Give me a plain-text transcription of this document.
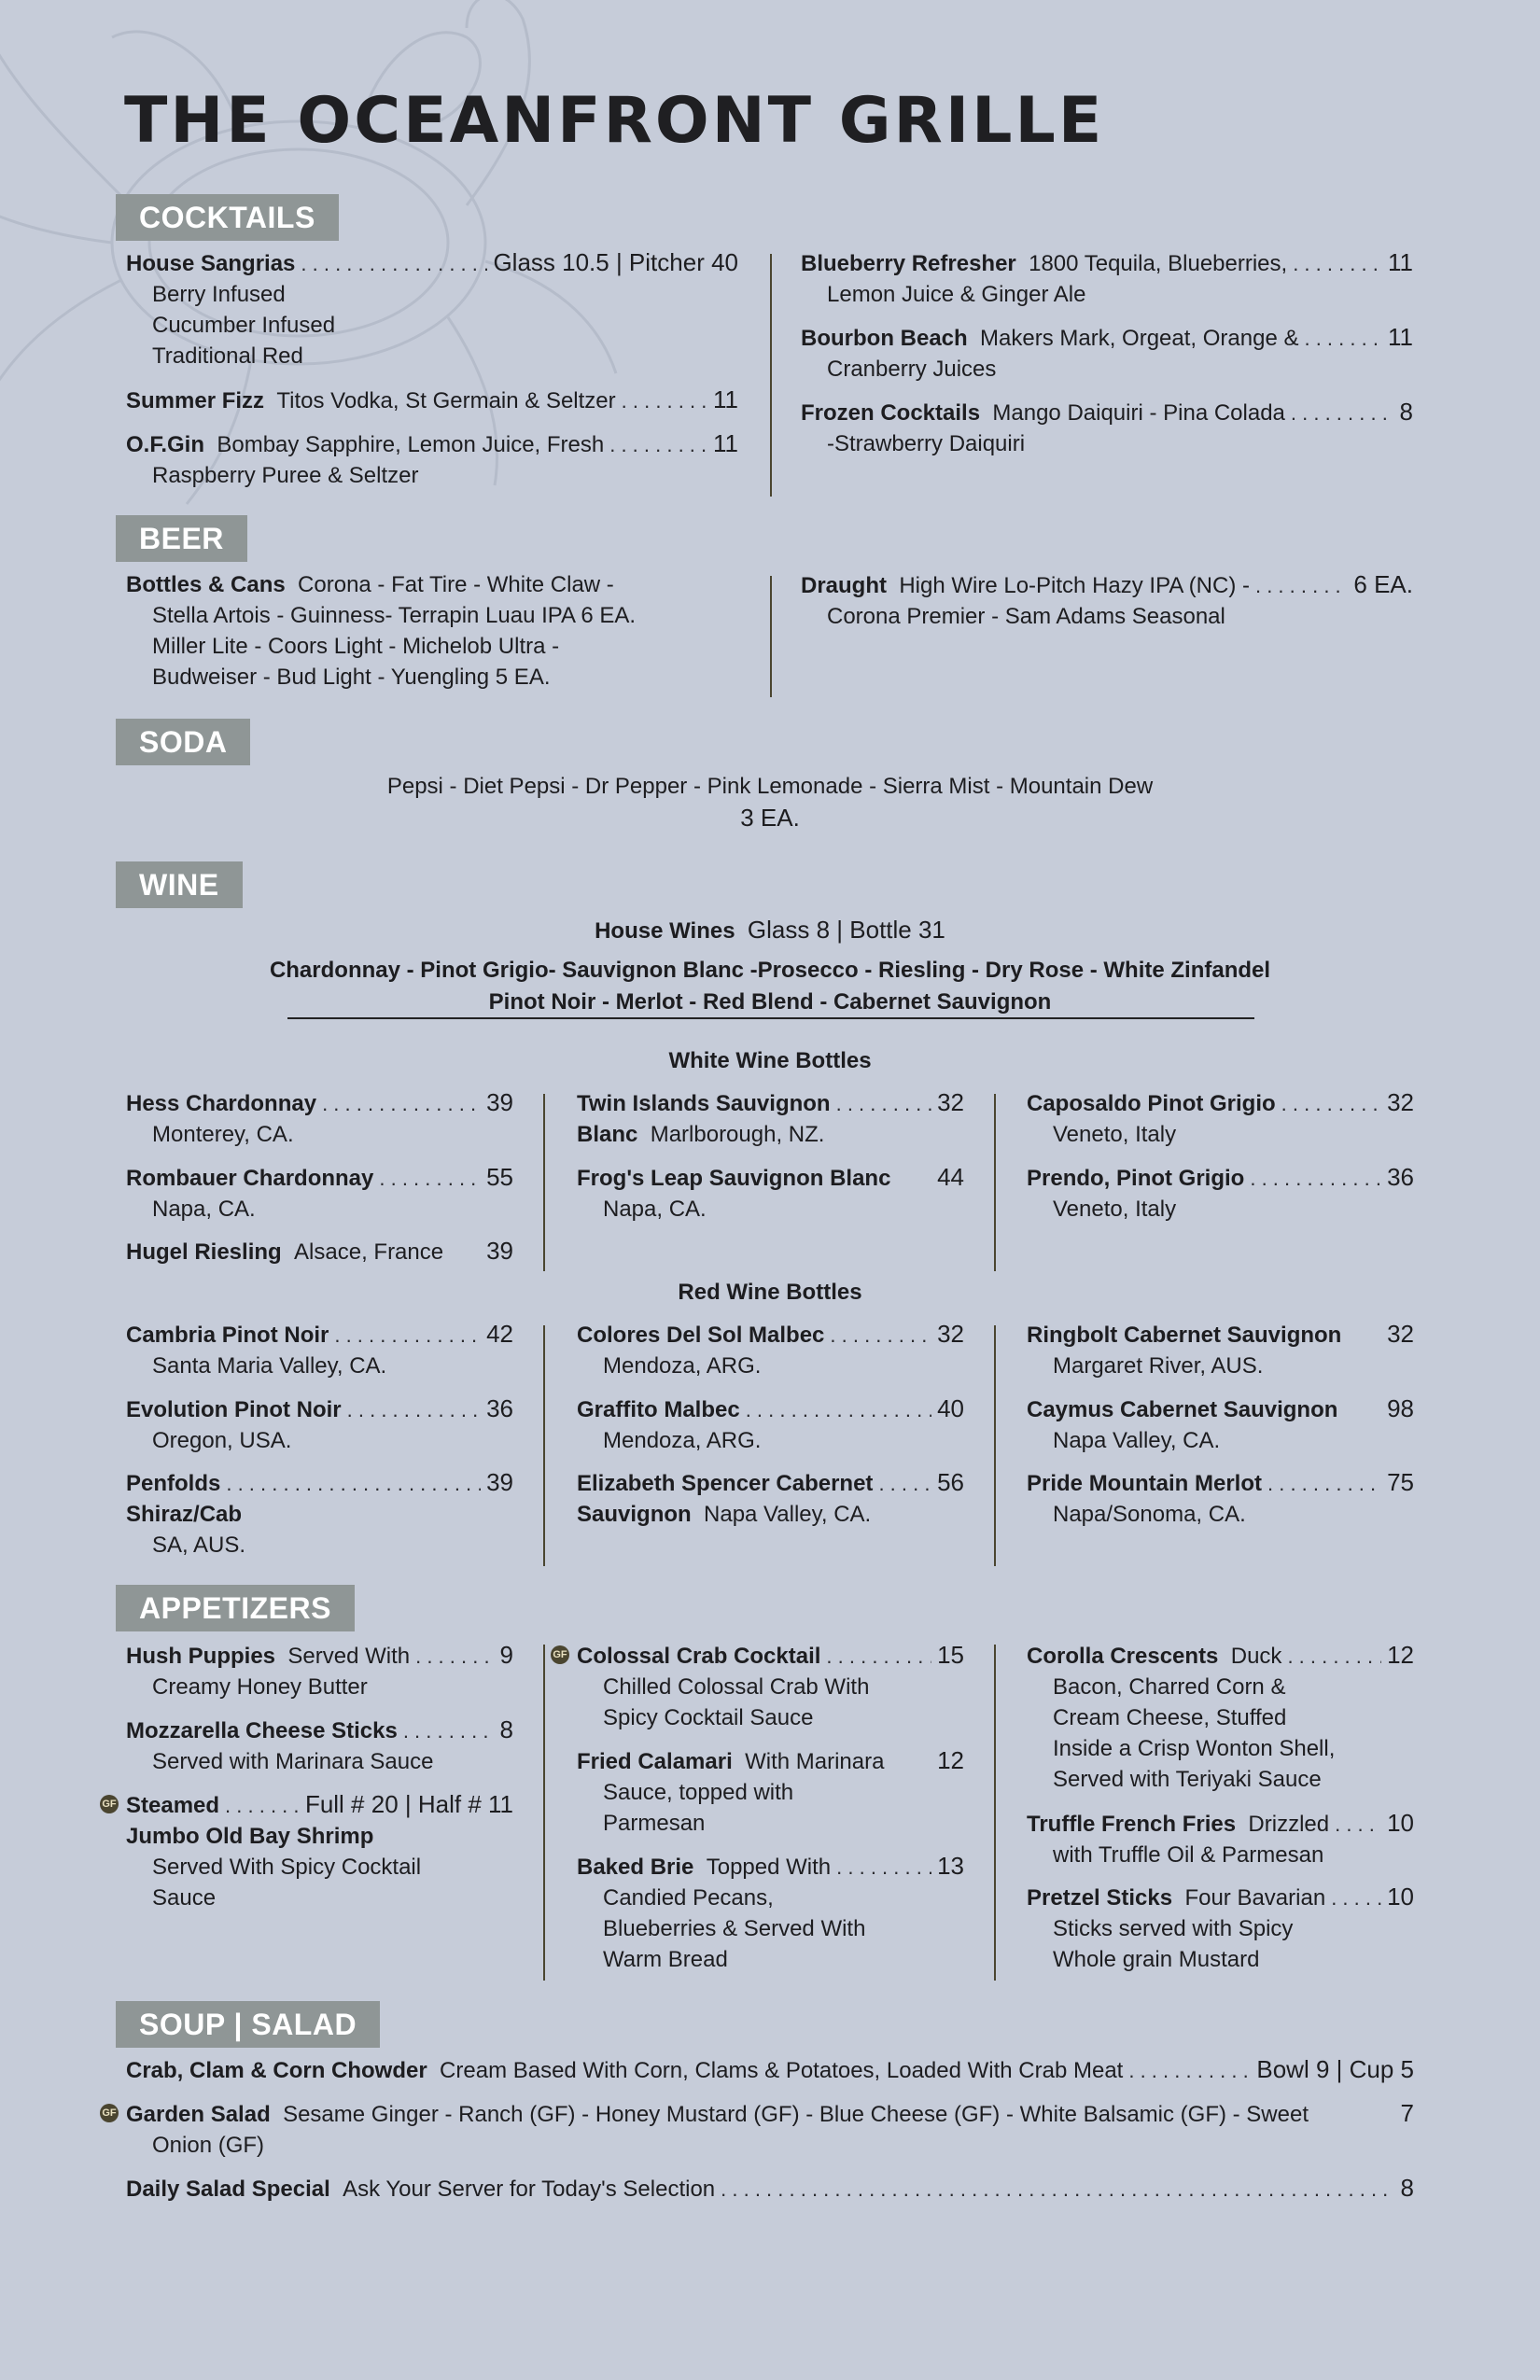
THE OCEANFRONT GRILLE
COCKTAILS
House Sangrias . . .	Glass 10.5 | Pitcher 40
Berry Infused
Cucumber Infused
Traditional Red
Summer Fizz
Titos Vodka, St Germain & Seltzer . . .	11
O.F.Gin
Bombay Sapphire, Lemon Juice, Fresh . . .	11
Raspberry Puree & Seltzer
Blueberry Refresher
1800 Tequila, Blueberries, . . .	11
Lemon Juice & Ginger Ale
Bourbon Beach
Makers Mark, Orgeat, Orange & . . .	11
Cranberry Juices
Frozen Cocktails
Mango Daiquiri - Pina Colada . . .	8
-Strawberry Daiquiri
BEER
Bottles & Cans
Corona - Fat Tire - White Claw -
Stella Artois - Guinness- Terrapin Luau IPA 6 EA.
Miller Lite - Coors Light - Michelob Ultra -
Budweiser - Bud Light - Yuengling 5 EA.
Draught
High Wire Lo-Pitch Hazy IPA (NC) - . . .	6 EA.
Corona Premier - Sam Adams Seasonal
SODA
Pepsi - Diet Pepsi - Dr Pepper - Pink Lemonade - Sierra Mist - Mountain Dew
3 EA.
WINE
House Wines Glass 8 | Bottle 31
Chardonnay - Pinot Grigio- Sauvignon Blanc -Prosecco - Riesling - Dry Rose - White Zinfandel
Pinot Noir - Merlot - Red Blend - Cabernet Sauvignon
White Wine Bottles
Hess Chardonnay . . .	39
Monterey, CA.
Rombauer Chardonnay . . .	55
Napa, CA.
Hugel Riesling
Alsace, France 39
Twin Islands Sauvignon . . .	32
Blanc Marlborough, NZ.
Frog's Leap Sauvignon Blanc 44
Napa, CA.
Caposaldo Pinot Grigio . . .	32
Veneto, Italy
Prendo, Pinot Grigio . . .	36
Veneto, Italy
Red Wine Bottles
Cambria Pinot Noir . . .	42
Santa Maria Valley, CA.
Evolution Pinot Noir . . .	36
Oregon, USA.
Penfolds . . .	39
Shiraz/Cab
SA, AUS.
Colores Del Sol Malbec . . .	32
Mendoza, ARG.
Graffito Malbec . . .	40
Mendoza, ARG.
Elizabeth Spencer Cabernet . . .	56
Sauvignon Napa Valley, CA.
Ringbolt Cabernet Sauvignon 32
Margaret River, AUS.
Caymus Cabernet Sauvignon 98
Napa Valley, CA.
Pride Mountain Merlot . . .	75
Napa/Sonoma, CA.
APPETIZERS
Hush Puppies
Served With . . .	9
Creamy Honey Butter
Mozzarella Cheese Sticks . . .	8
Served with Marinara Sauce
GF Steamed . . .	Full # 20 | Half # 11
Jumbo Old Bay Shrimp
Served With Spicy Cocktail
Sauce
GF Colossal Crab Cocktail . . .	15
Chilled Colossal Crab With
Spicy Cocktail Sauce
Fried Calamari
With Marinara 12
Sauce, topped with
Parmesan
Baked Brie
Topped With . . .	13
Candied Pecans,
Blueberries & Served With
Warm Bread
Corolla Crescents
Duck . . .	12
Bacon, Charred Corn &
Cream Cheese, Stuffed
Inside a Crisp Wonton Shell,
Served with Teriyaki Sauce
Truffle French Fries
Drizzled . . . 10
with Truffle Oil & Parmesan
Pretzel Sticks
Four Bavarian . . .	10
Sticks served with Spicy
Whole grain Mustard
SOUP | SALAD
Crab, Clam & Corn Chowder
Cream Based With Corn, Clams & Potatoes, Loaded With Crab Meat . . .	Bowl 9 | Cup 5
GF Garden Salad
Sesame Ginger - Ranch (GF) - Honey Mustard (GF) - Blue Cheese (GF) - White Balsamic (GF) - Sweet	7
Onion (GF)
Daily Salad Special
Ask Your Server for Today's Selection . . .	8
